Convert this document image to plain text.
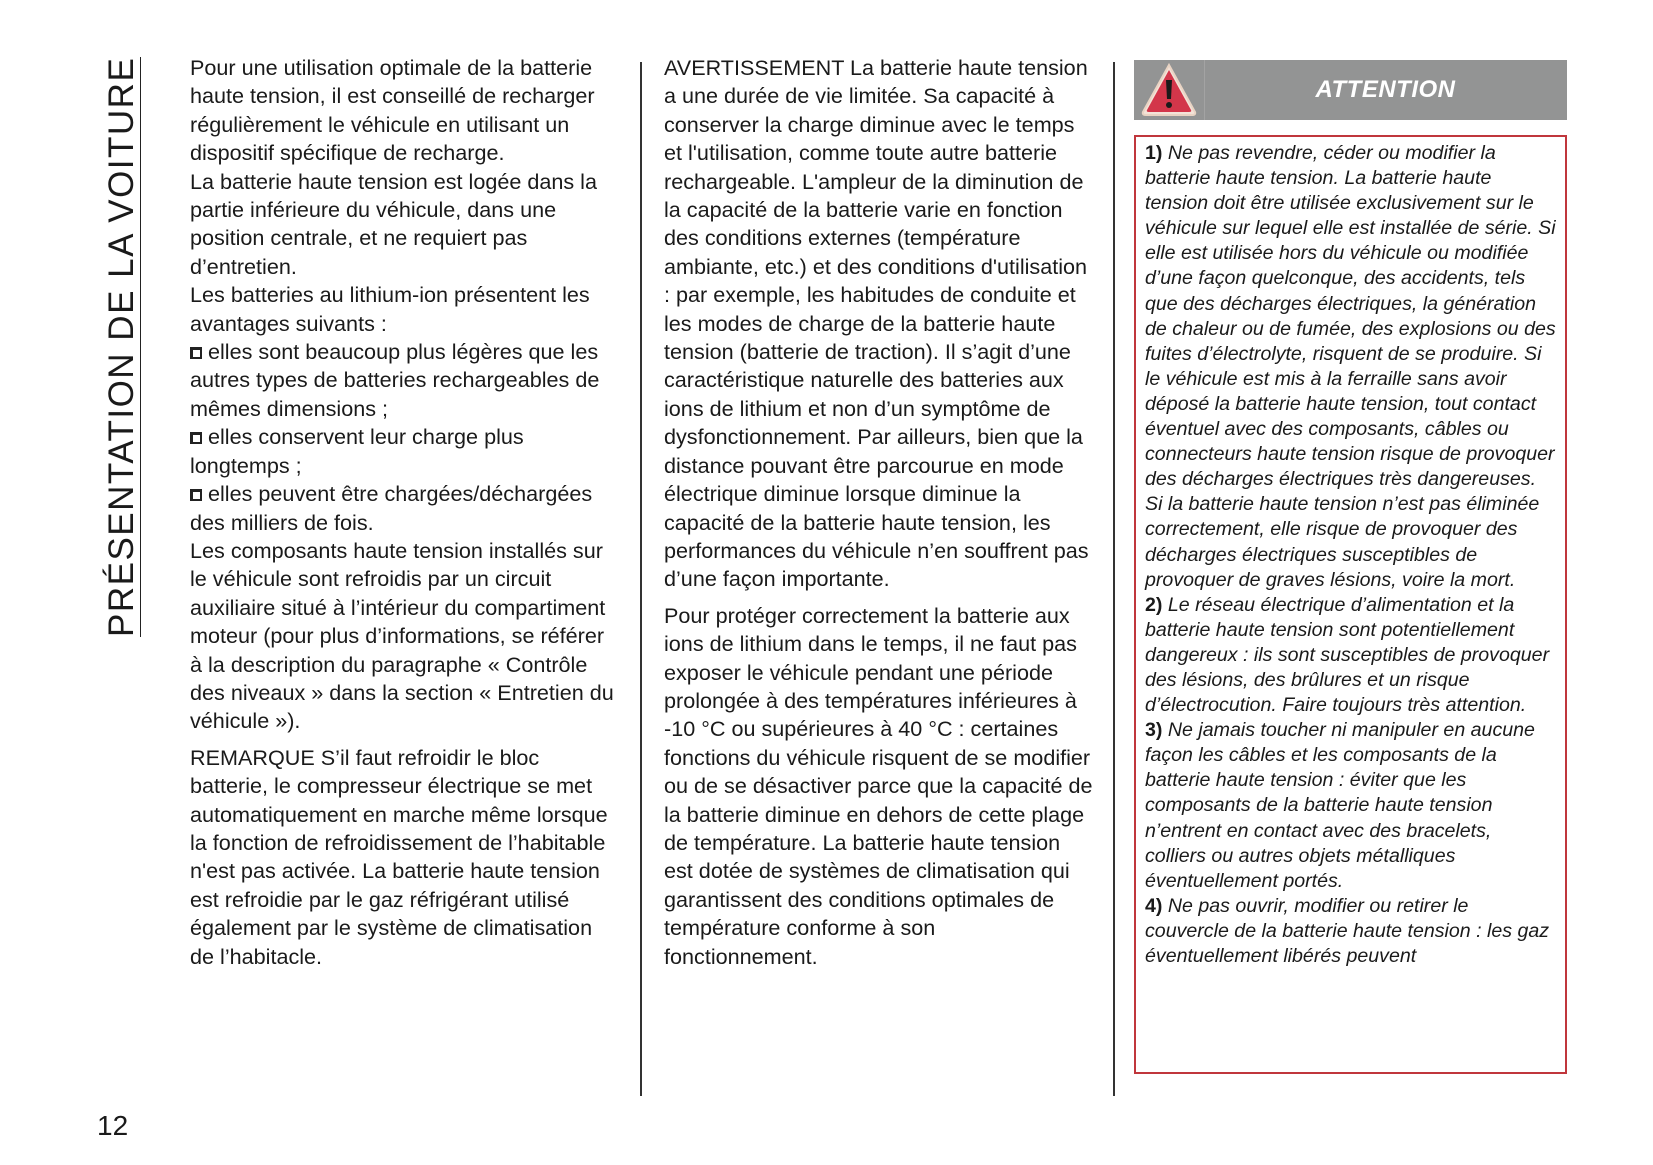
PRÉSENTATION DE LA VOITURE Pour une utilisation optimale de la batterie haute tension, il est conseillé de recharger régulièrement le véhicule en utilisant un dispositif spécifique de recharge.

La batterie haute tension est logée dans la partie inférieure du véhicule, dans une position centrale, et ne requiert pas d’entretien.

Les batteries au lithium-ion présentent les avantages suivants :

elles sont beaucoup plus légères que les autres types de batteries rechargeables de mêmes dimensions ;

elles conservent leur charge plus longtemps ;

elles peuvent être chargées/déchargées des milliers de fois.

Les composants haute tension installés sur le véhicule sont refroidis par un circuit auxiliaire situé à l’intérieur du compartiment moteur (pour plus d’informations, se référer à la description du paragraphe « Contrôle des niveaux » dans la section « Entretien du véhicule »).

REMARQUE S’il faut refroidir le bloc batterie, le compresseur électrique se met automatiquement en marche même lorsque la fonction de refroidissement de l’habitable n'est pas activée. La batterie haute tension est refroidie par le gaz réfrigérant utilisé également par le système de climatisation de l’habitacle.

AVERTISSEMENT La batterie haute tension a une durée de vie limitée. Sa capacité à conserver la charge diminue avec le temps et l'utilisation, comme toute autre batterie rechargeable. L'ampleur de la diminution de la capacité de la batterie varie en fonction des conditions externes (température ambiante, etc.) et des conditions d'utilisation : par exemple, les habitudes de conduite et les modes de charge de la batterie haute tension (batterie de traction). Il s’agit d’une caractéristique naturelle des batteries aux ions de lithium et non d’un symptôme de dysfonctionnement. Par ailleurs, bien que la distance pouvant être parcourue en mode électrique diminue lorsque diminue la capacité de la batterie haute tension, les performances du véhicule n’en souffrent pas d’une façon importante.

Pour protéger correctement la batterie aux ions de lithium dans le temps, il ne faut pas exposer le véhicule pendant une période prolongée à des températures inférieures à -10 °C ou supérieures à 40 °C : certaines fonctions du véhicule risquent de se modifier ou de se désactiver parce que la capacité de la batterie diminue en dehors de cette plage de température. La batterie haute tension est dotée de systèmes de climatisation qui garantissent des conditions optimales de température conforme à son fonctionnement.

ATTENTION

1) Ne pas revendre, céder ou modifier la batterie haute tension. La batterie haute tension doit être utilisée exclusivement sur le véhicule sur lequel elle est installée de série. Si elle est utilisée hors du véhicule ou modifiée d’une façon quelconque, des accidents, tels que des décharges électriques, la génération de chaleur ou de fumée, des explosions ou des fuites d’électrolyte, risquent de se produire. Si le véhicule est mis à la ferraille sans avoir déposé la batterie haute tension, tout contact éventuel avec des composants, câbles ou connecteurs haute tension risque de provoquer des décharges électriques très dangereuses. Si la batterie haute tension n’est pas éliminée correctement, elle risque de provoquer des décharges électriques susceptibles de provoquer de graves lésions, voire la mort.

2) Le réseau électrique d’alimentation et la batterie haute tension sont potentiellement dangereux : ils sont susceptibles de provoquer des lésions, des brûlures et un risque d’électrocution. Faire toujours très attention.

3) Ne jamais toucher ni manipuler en aucune façon les câbles et les composants de la batterie haute tension : éviter que les composants de la batterie haute tension n’entrent en contact avec des bracelets, colliers ou autres objets métalliques éventuellement portés.

4) Ne pas ouvrir, modifier ou retirer le couvercle de la batterie haute tension : les gaz éventuellement libérés peuvent

12
